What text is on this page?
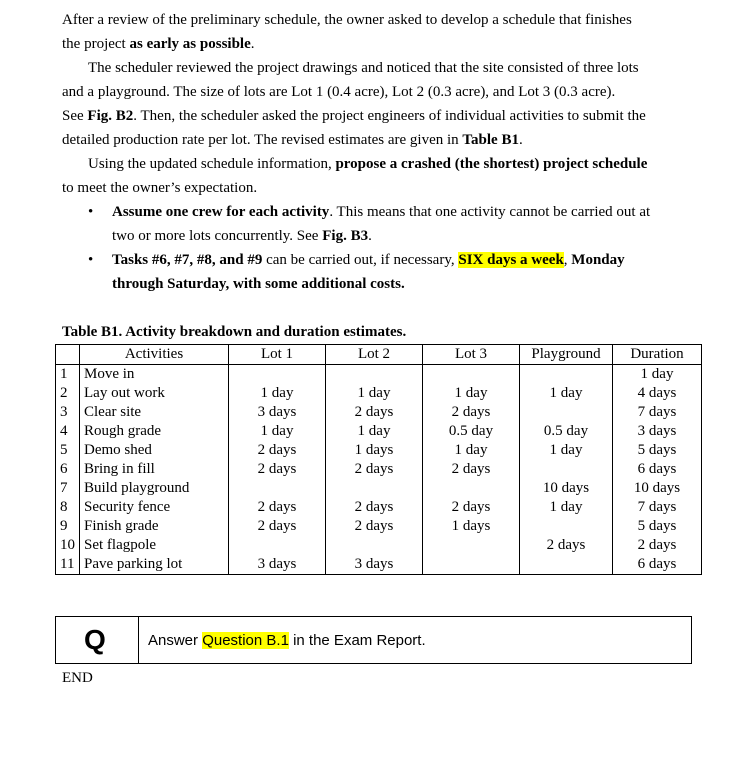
After a review of the preliminary schedule, the owner asked to develop a schedule that finishes
the project as early as possible.

The scheduler reviewed the project drawings and noticed that the site consisted of three lots
and a playground. The size of lots are Lot 1 (0.4 acre), Lot 2 (0.3 acre), and Lot 3 (0.3 acre).
See Fig. B2. Then, the scheduler asked the project engineers of individual activities to submit the
detailed production rate per lot. The revised estimates are given in Table B1.

Using the updated schedule information, propose a crashed (the shortest) project schedule
to meet the owner’s expectation.

•	Assume one crew for each activity. This means that one activity cannot be carried out at
two or more lots concurrently. See Fig. B3.
•	Tasks #6, #7, #8, and #9 can be carried out, if necessary, SIX days a week, Monday
through Saturday, with some additional costs.
Table B1. Activity breakdown and duration estimates.
	Activities	Lot 1	Lot 2	Lot 3	Playground	Duration
1	Move in					1 day
2	Lay out work	1 day	1 day	1 day	1 day	4 days
3	Clear site	3 days	2 days	2 days		7 days
4	Rough grade	1 day	1 day	0.5 day	0.5 day	3 days
5	Demo shed	2 days	1 days	1 day	1 day	5 days
6	Bring in fill	2 days	2 days	2 days		6 days
7	Build playground				10 days	10 days
8	Security fence	2 days	2 days	2 days	1 day	7 days
9	Finish grade	2 days	2 days	1 days		5 days
10	Set flagpole				2 days	2 days
11	Pave parking lot	3 days	3 days			6 days
Q	Answer Question B.1 in the Exam Report.
END
